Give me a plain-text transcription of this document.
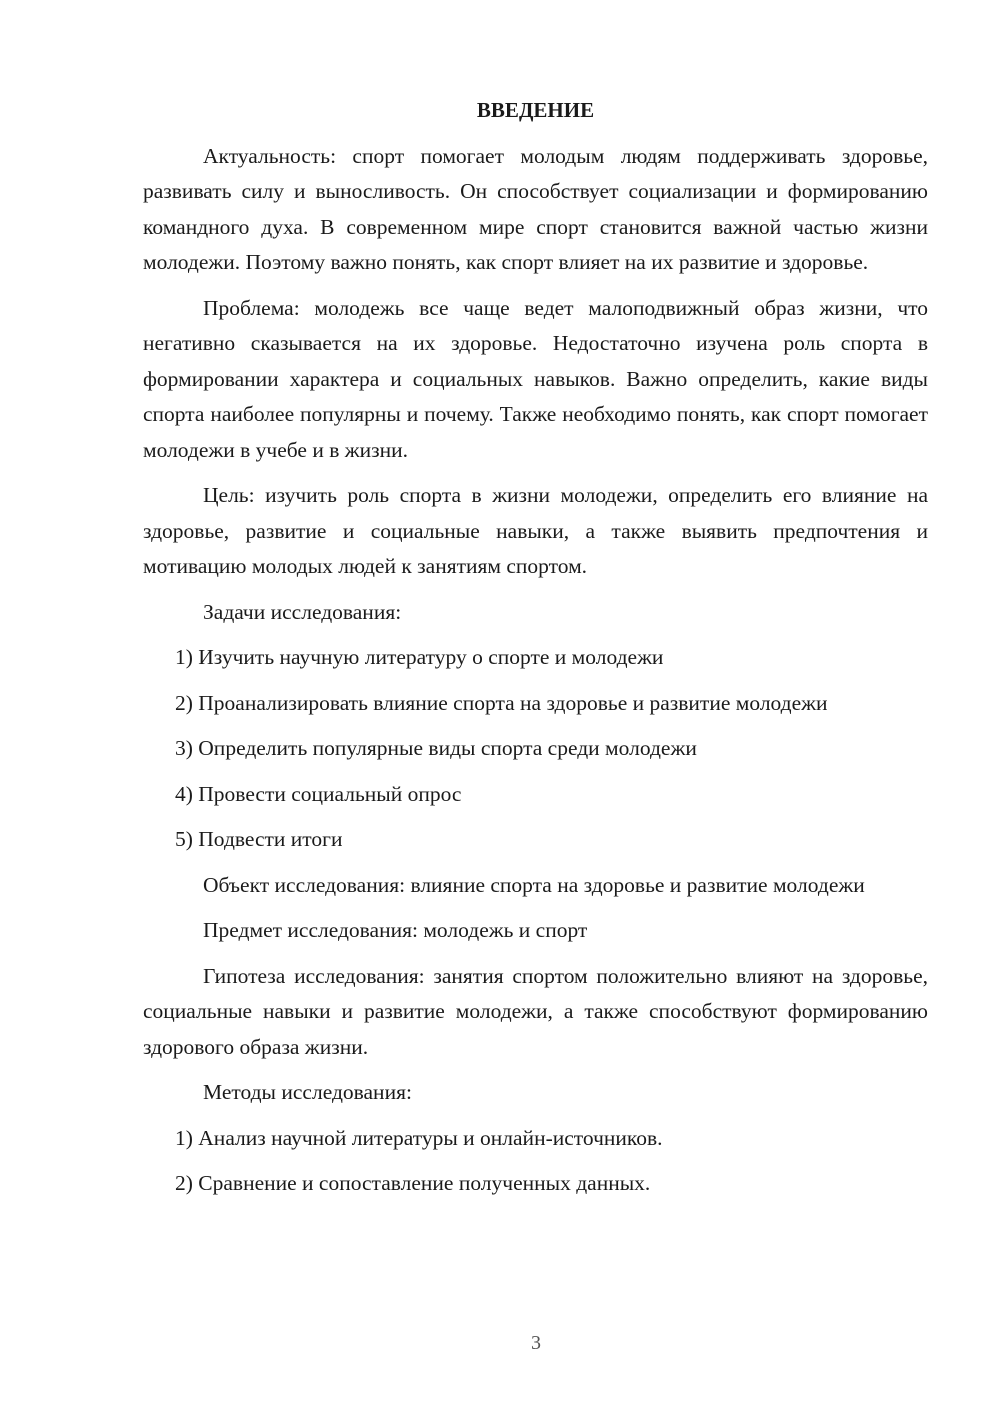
ВВЕДЕНИЕ

Актуальность: спорт помогает молодым людям поддерживать здоровье, развивать силу и выносливость. Он способствует социализации и формированию командного духа. В современном мире спорт становится важной частью жизни молодежи. Поэтому важно понять, как спорт влияет на их развитие и здоровье.

Проблема: молодежь все чаще ведет малоподвижный образ жизни, что негативно сказывается на их здоровье. Недостаточно изучена роль спорта в формировании характера и социальных навыков. Важно определить, какие виды спорта наиболее популярны и почему. Также необходимо понять, как спорт помогает молодежи в учебе и в жизни.

Цель: изучить роль спорта в жизни молодежи, определить его влияние на здоровье, развитие и социальные навыки, а также выявить предпочтения и мотивацию молодых людей к занятиям спортом.

Задачи исследования:

1) Изучить научную литературу о спорте и молодежи

2) Проанализировать влияние спорта на здоровье и развитие молодежи

3) Определить популярные виды спорта среди молодежи

4) Провести социальный опрос

5) Подвести итоги

Объект исследования: влияние спорта на здоровье и развитие молодежи

Предмет исследования: молодежь и спорт

Гипотеза исследования: занятия спортом положительно влияют на здоровье, социальные навыки и развитие молодежи, а также способствуют формированию здорового образа жизни.

Методы исследования:

1) Анализ научной литературы и онлайн-источников.

2) Сравнение и сопоставление полученных данных.

3
